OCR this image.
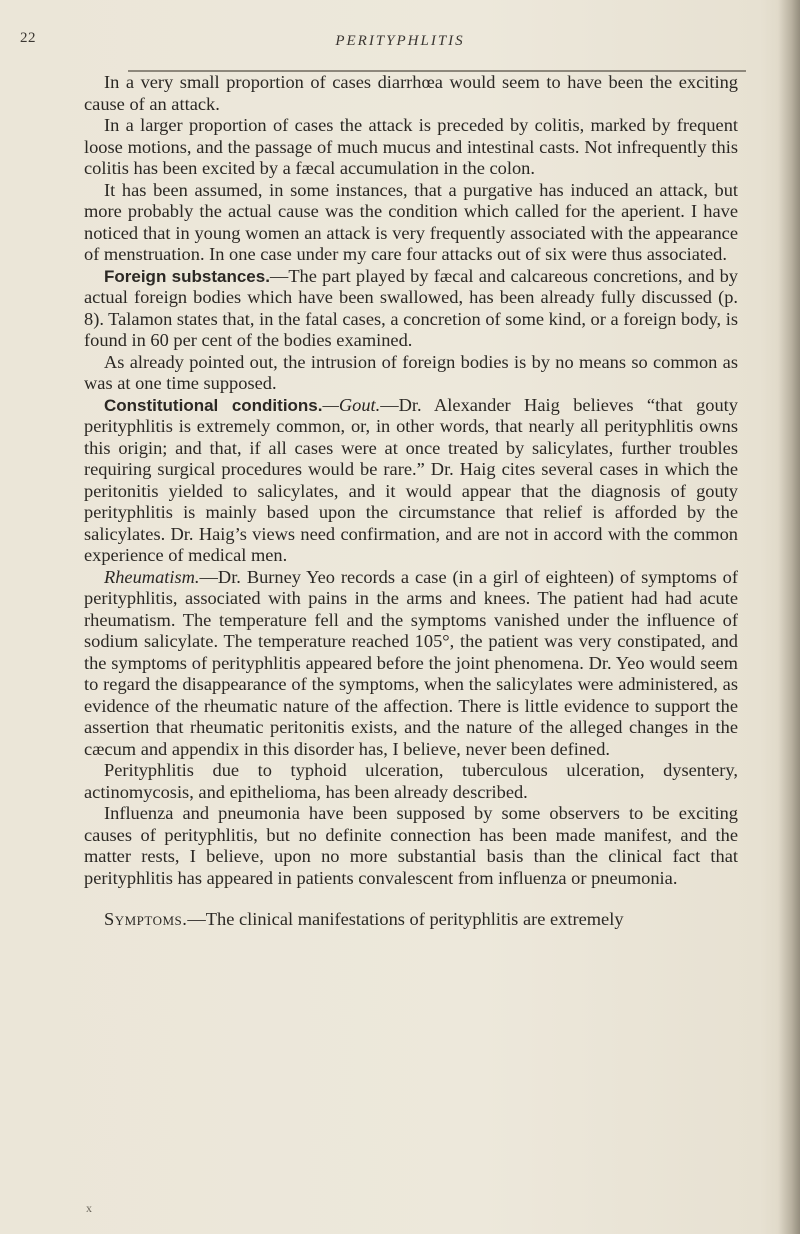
22	PERITYPHLITIS

In a very small proportion of cases diarrhœa would seem to have been the exciting cause of an attack.

In a larger proportion of cases the attack is preceded by colitis, marked by frequent loose motions, and the passage of much mucus and intestinal casts. Not infrequently this colitis has been excited by a fæcal accumulation in the colon.

It has been assumed, in some instances, that a purgative has induced an attack, but more probably the actual cause was the condition which called for the aperient. I have noticed that in young women an attack is very frequently associated with the appearance of menstruation. In one case under my care four attacks out of six were thus associated.

Foreign substances.—The part played by fæcal and calcareous concretions, and by actual foreign bodies which have been swallowed, has been already fully discussed (p. 8). Talamon states that, in the fatal cases, a concretion of some kind, or a foreign body, is found in 60 per cent of the bodies examined.

As already pointed out, the intrusion of foreign bodies is by no means so common as was at one time supposed.

Constitutional conditions.—Gout.—Dr. Alexander Haig believes “that gouty perityphlitis is extremely common, or, in other words, that nearly all perityphlitis owns this origin; and that, if all cases were at once treated by salicylates, further troubles requiring surgical procedures would be rare.” Dr. Haig cites several cases in which the peritonitis yielded to salicylates, and it would appear that the diagnosis of gouty perityphlitis is mainly based upon the circumstance that relief is afforded by the salicylates. Dr. Haig’s views need confirmation, and are not in accord with the common experience of medical men.

Rheumatism.—Dr. Burney Yeo records a case (in a girl of eighteen) of symptoms of perityphlitis, associated with pains in the arms and knees. The patient had had acute rheumatism. The temperature fell and the symptoms vanished under the influence of sodium salicylate. The temperature reached 105°, the patient was very constipated, and the symptoms of perityphlitis appeared before the joint phenomena. Dr. Yeo would seem to regard the disappearance of the symptoms, when the salicylates were administered, as evidence of the rheumatic nature of the affection. There is little evidence to support the assertion that rheumatic peritonitis exists, and the nature of the alleged changes in the cæcum and appendix in this disorder has, I believe, never been defined.

Perityphlitis due to typhoid ulceration, tuberculous ulceration, dysentery, actinomycosis, and epithelioma, has been already described.

Influenza and pneumonia have been supposed by some observers to be exciting causes of perityphlitis, but no definite connection has been made manifest, and the matter rests, I believe, upon no more substantial basis than the clinical fact that perityphlitis has appeared in patients convalescent from influenza or pneumonia.

Symptoms.—The clinical manifestations of perityphlitis are extremely

x
